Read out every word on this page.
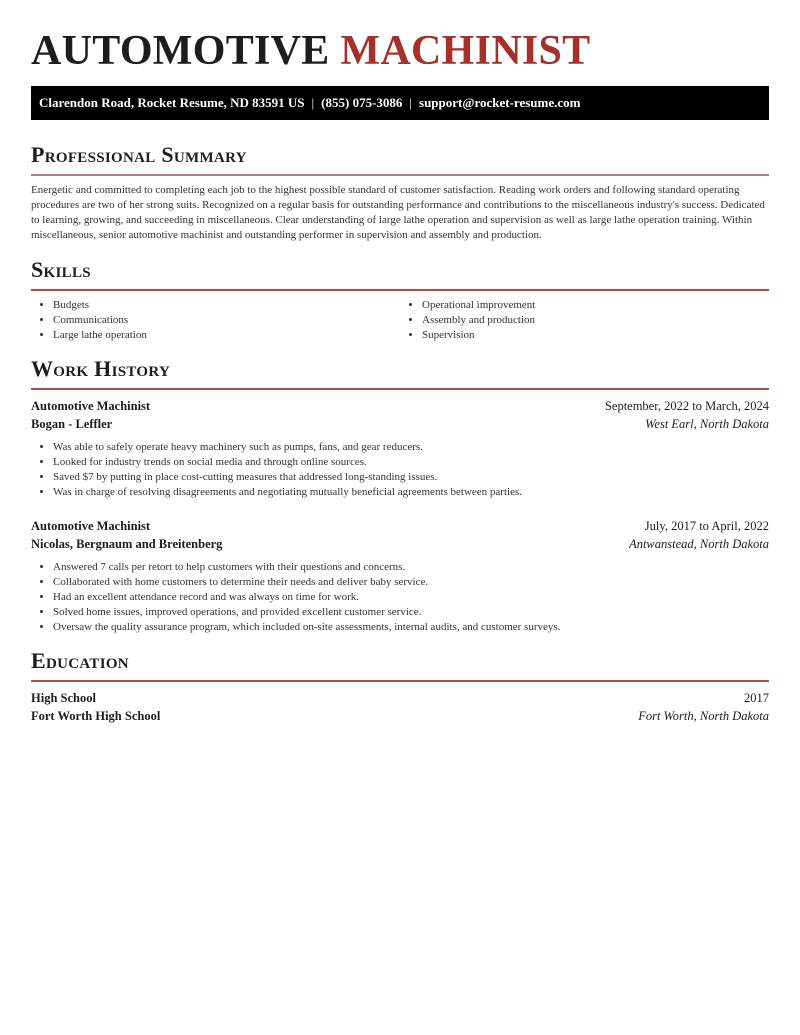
AUTOMOTIVE MACHINIST
Clarendon Road, Rocket Resume, ND 83591 US | (855) 075-3086 | support@rocket-resume.com
Professional Summary

Energetic and committed to completing each job to the highest possible standard of customer satisfaction. Reading work orders and following standard operating procedures are two of her strong suits. Recognized on a regular basis for outstanding performance and contributions to the miscellaneous industry's success. Dedicated to learning, growing, and succeeding in miscellaneous. Clear understanding of large lathe operation and supervision as well as large lathe operation training. Within miscellaneous, senior automotive machinist and outstanding performer in supervision and assembly and production.

Skills
• Budgets
• Communications
• Large lathe operation
• Operational improvement
• Assembly and production
• Supervision
Work History
Automotive Machinist	September, 2022 to March, 2024
Bogan - Leffler	West Earl, North Dakota
• Was able to safely operate heavy machinery such as pumps, fans, and gear reducers.
• Looked for industry trends on social media and through online sources.
• Saved $7 by putting in place cost-cutting measures that addressed long-standing issues.
• Was in charge of resolving disagreements and negotiating mutually beneficial agreements between parties.
Automotive Machinist	July, 2017 to April, 2022
Nicolas, Bergnaum and Breitenberg	Antwanstead, North Dakota
• Answered 7 calls per retort to help customers with their questions and concerns.
• Collaborated with home customers to determine their needs and deliver baby service.
• Had an excellent attendance record and was always on time for work.
• Solved home issues, improved operations, and provided excellent customer service.
• Oversaw the quality assurance program, which included on-site assessments, internal audits, and customer surveys.
Education
High School	2017
Fort Worth High School	Fort Worth, North Dakota
